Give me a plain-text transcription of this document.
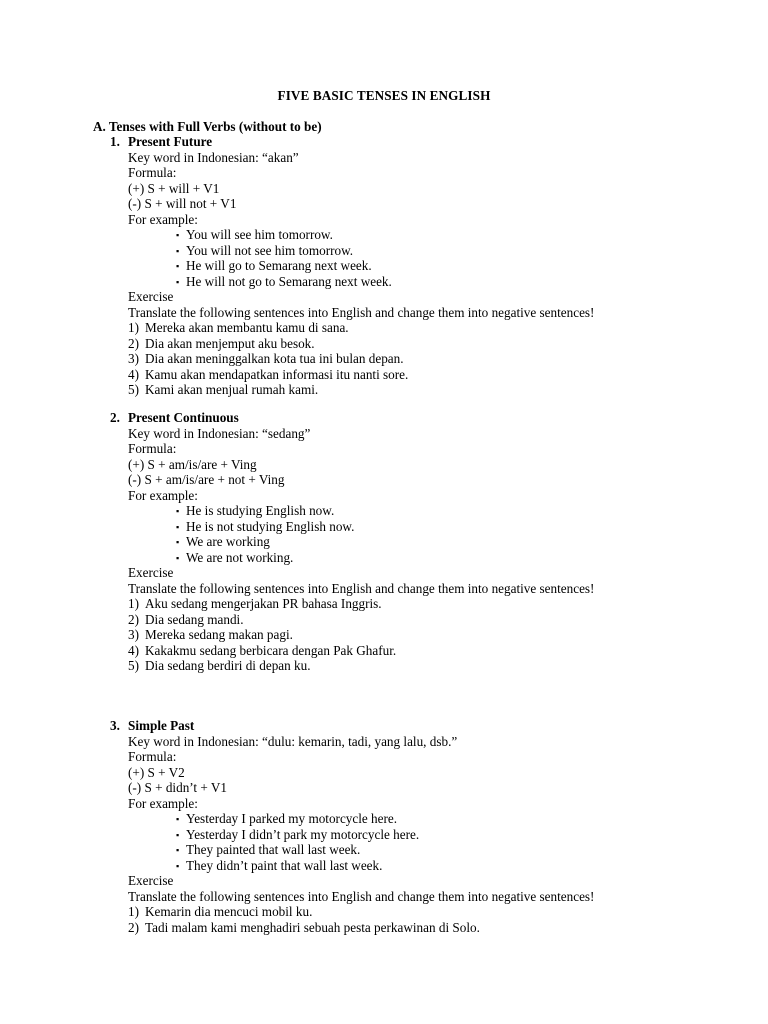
FIVE BASIC TENSES IN ENGLISH
A. Tenses with Full Verbs (without to be)
1. Present Future
Key word in Indonesian: “akan”
Formula:
(+) S + will + V1
(-) S + will not + V1
For example:
▪ You will see him tomorrow.
▪ You will not see him tomorrow.
▪ He will go to Semarang next week.
▪ He will not go to Semarang next week.
Exercise
Translate the following sentences into English and change them into negative sentences!
1) Mereka akan membantu kamu di sana.
2) Dia akan menjemput aku besok.
3) Dia akan meninggalkan kota tua ini bulan depan.
4) Kamu akan mendapatkan informasi itu nanti sore.
5) Kami akan menjual rumah kami.
2. Present Continuous
Key word in Indonesian: “sedang”
Formula:
(+) S + am/is/are + Ving
(-) S + am/is/are + not + Ving
For example:
▪ He is studying English now.
▪ He is not studying English now.
▪ We are working
▪ We are not working.
Exercise
Translate the following sentences into English and change them into negative sentences!
1) Aku sedang mengerjakan PR bahasa Inggris.
2) Dia sedang mandi.
3) Mereka sedang makan pagi.
4) Kakakmu sedang berbicara dengan Pak Ghafur.
5) Dia sedang berdiri di depan ku.
3. Simple Past
Key word in Indonesian: “dulu: kemarin, tadi, yang lalu, dsb.”
Formula:
(+) S + V2
(-) S + didn’t + V1
For example:
▪ Yesterday I parked my motorcycle here.
▪ Yesterday I didn’t park my motorcycle here.
▪ They painted that wall last week.
▪ They didn’t paint that wall last week.
Exercise
Translate the following sentences into English and change them into negative sentences!
1) Kemarin dia mencuci mobil ku.
2) Tadi malam kami menghadiri sebuah pesta perkawinan di Solo.
